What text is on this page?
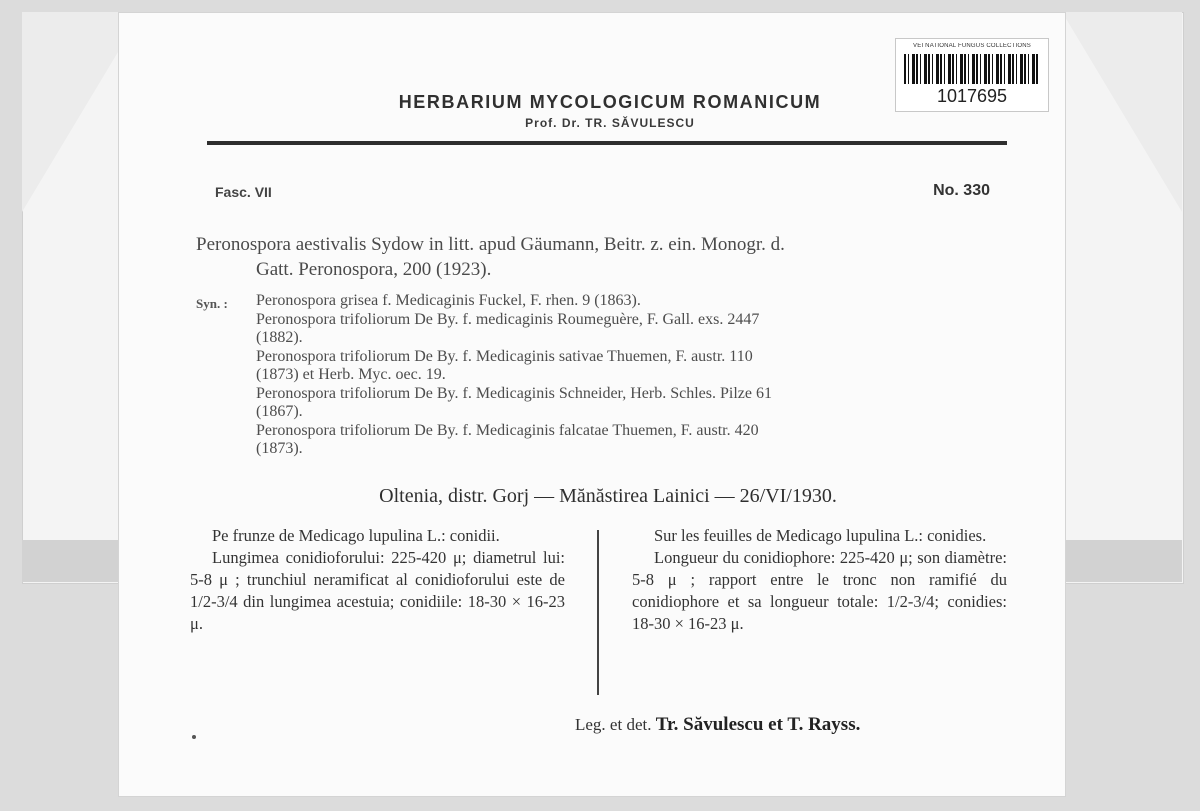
VEI NATIONAL FUNGUS COLLECTIONS
1017695
HERBARIUM MYCOLOGICUM ROMANICUM
Prof. Dr. TR. SĂVULESCU
Fasc. VII	No. 330
Peronospora aestivalis Sydow in litt. apud Gäumann, Beitr. z. ein. Monogr. d.
Gatt. Peronospora, 200 (1923).
Syn. : Peronospora grisea f. Medicaginis Fuckel, F. rhen. 9 (1863).

Peronospora trifoliorum De By. f. medicaginis Roumeguère, F. Gall. exs. 2447

(1882).

Peronospora trifoliorum De By. f. Medicaginis sativae Thuemen, F. austr. 110

(1873) et Herb. Myc. oec. 19.

Peronospora trifoliorum De By. f. Medicaginis Schneider, Herb. Schles. Pilze 61

(1867).

Peronospora trifoliorum De By. f. Medicaginis falcatae Thuemen, F. austr. 420

(1873).

Oltenia, distr. Gorj — Mănăstirea Lainici — 26/VI/1930.

Pe frunze de Medicago lupulina L.: conidii.

Lungimea conidioforului: 225-420 μ; diametrul lui: 5-8 μ ; trunchiul neramificat al conidioforului este de 1/2-3/4 din lungimea acestuia; conidiile: 18-30 × 16-23 μ.

Sur les feuilles de Medicago lupulina L.: conidies.

Longueur du conidiophore: 225-420 μ; son diamètre: 5-8 μ ; rapport entre le tronc non ramifié du conidiophore et sa longueur totale: 1/2-3/4; conidies: 18-30 × 16-23 μ.

Leg. et det. Tr. Săvulescu et T. Rayss.
